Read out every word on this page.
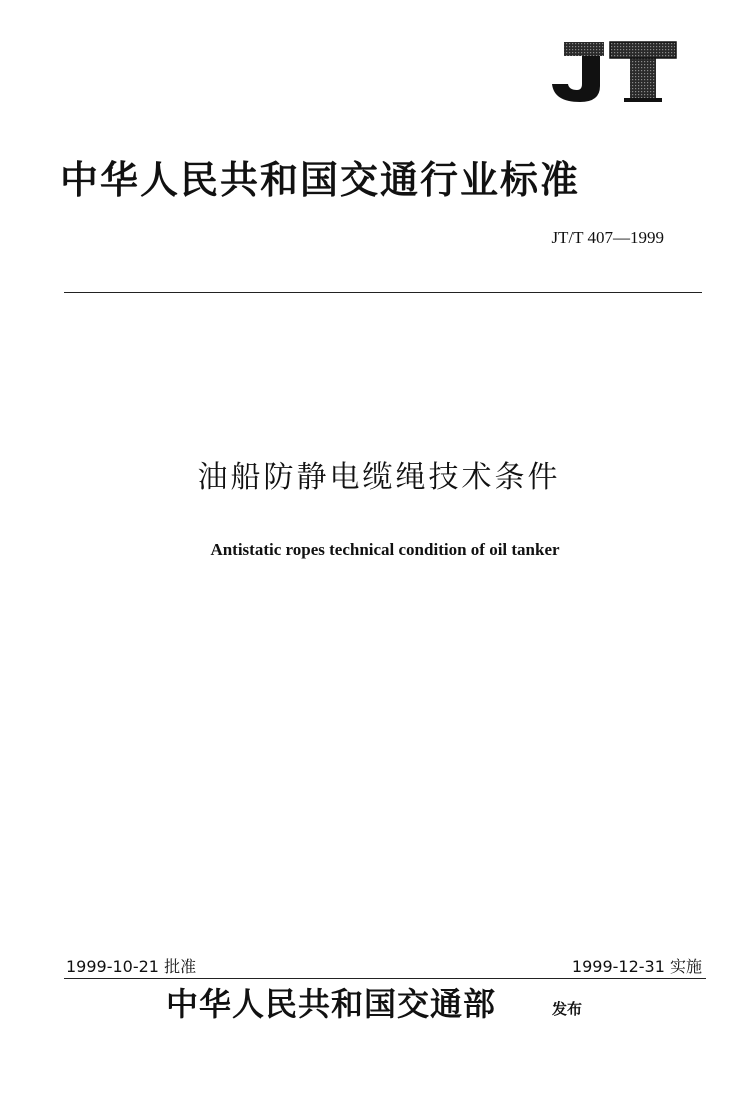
中华人民共和国交通行业标准
JT/T 407—1999
油船防静电缆绳技术条件
Antistatic ropes technical condition of oil tanker
1999-10-21 批准	1999-12-31 实施
中华人民共和国交通部	发布
